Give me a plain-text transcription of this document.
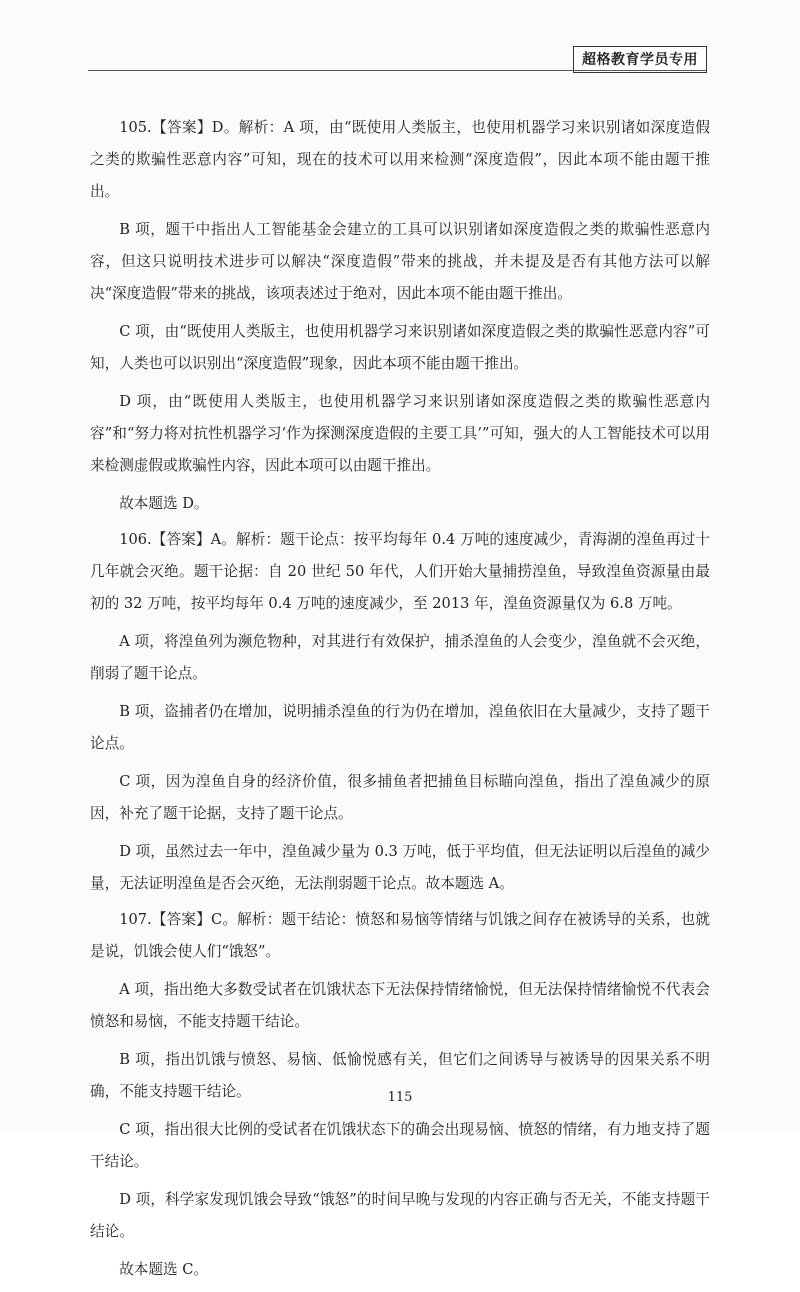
超格教育学员专用

105.【答案】D。解析：A 项，由“既使用人类版主，也使用机器学习来识别诸如深度造假之类的欺骗性恶意内容”可知，现在的技术可以用来检测“深度造假”，因此本项不能由题干推出。

B 项，题干中指出人工智能基金会建立的工具可以识别诸如深度造假之类的欺骗性恶意内容，但这只说明技术进步可以解决“深度造假”带来的挑战，并未提及是否有其他方法可以解决“深度造假”带来的挑战，该项表述过于绝对，因此本项不能由题干推出。

C 项，由“既使用人类版主，也使用机器学习来识别诸如深度造假之类的欺骗性恶意内容”可知，人类也可以识别出“深度造假”现象，因此本项不能由题干推出。

D 项，由“既使用人类版主，也使用机器学习来识别诸如深度造假之类的欺骗性恶意内容”和“努力将对抗性机器学习‘作为探测深度造假的主要工具’”可知，强大的人工智能技术可以用来检测虚假或欺骗性内容，因此本项可以由题干推出。

故本题选 D。

106.【答案】A。解析：题干论点：按平均每年 0.4 万吨的速度减少，青海湖的湟鱼再过十几年就会灭绝。题干论据：自 20 世纪 50 年代，人们开始大量捕捞湟鱼，导致湟鱼资源量由最初的 32 万吨，按平均每年 0.4 万吨的速度减少，至 2013 年，湟鱼资源量仅为 6.8 万吨。

A 项，将湟鱼列为濒危物种，对其进行有效保护，捕杀湟鱼的人会变少，湟鱼就不会灭绝，削弱了题干论点。

B 项，盗捕者仍在增加，说明捕杀湟鱼的行为仍在增加，湟鱼依旧在大量减少，支持了题干论点。

C 项，因为湟鱼自身的经济价值，很多捕鱼者把捕鱼目标瞄向湟鱼，指出了湟鱼减少的原因，补充了题干论据，支持了题干论点。

D 项，虽然过去一年中，湟鱼减少量为 0.3 万吨，低于平均值，但无法证明以后湟鱼的减少量，无法证明湟鱼是否会灭绝，无法削弱题干论点。故本题选 A。

107.【答案】C。解析：题干结论：愤怒和易恼等情绪与饥饿之间存在被诱导的关系，也就是说，饥饿会使人们“饿怒”。

A 项，指出绝大多数受试者在饥饿状态下无法保持情绪愉悦，但无法保持情绪愉悦不代表会愤怒和易恼，不能支持题干结论。

B 项，指出饥饿与愤怒、易恼、低愉悦感有关，但它们之间诱导与被诱导的因果关系不明确，不能支持题干结论。

C 项，指出很大比例的受试者在饥饿状态下的确会出现易恼、愤怒的情绪，有力地支持了题干结论。

D 项，科学家发现饥饿会导致“饿怒”的时间早晚与发现的内容正确与否无关，不能支持题干结论。

故本题选 C。

115
